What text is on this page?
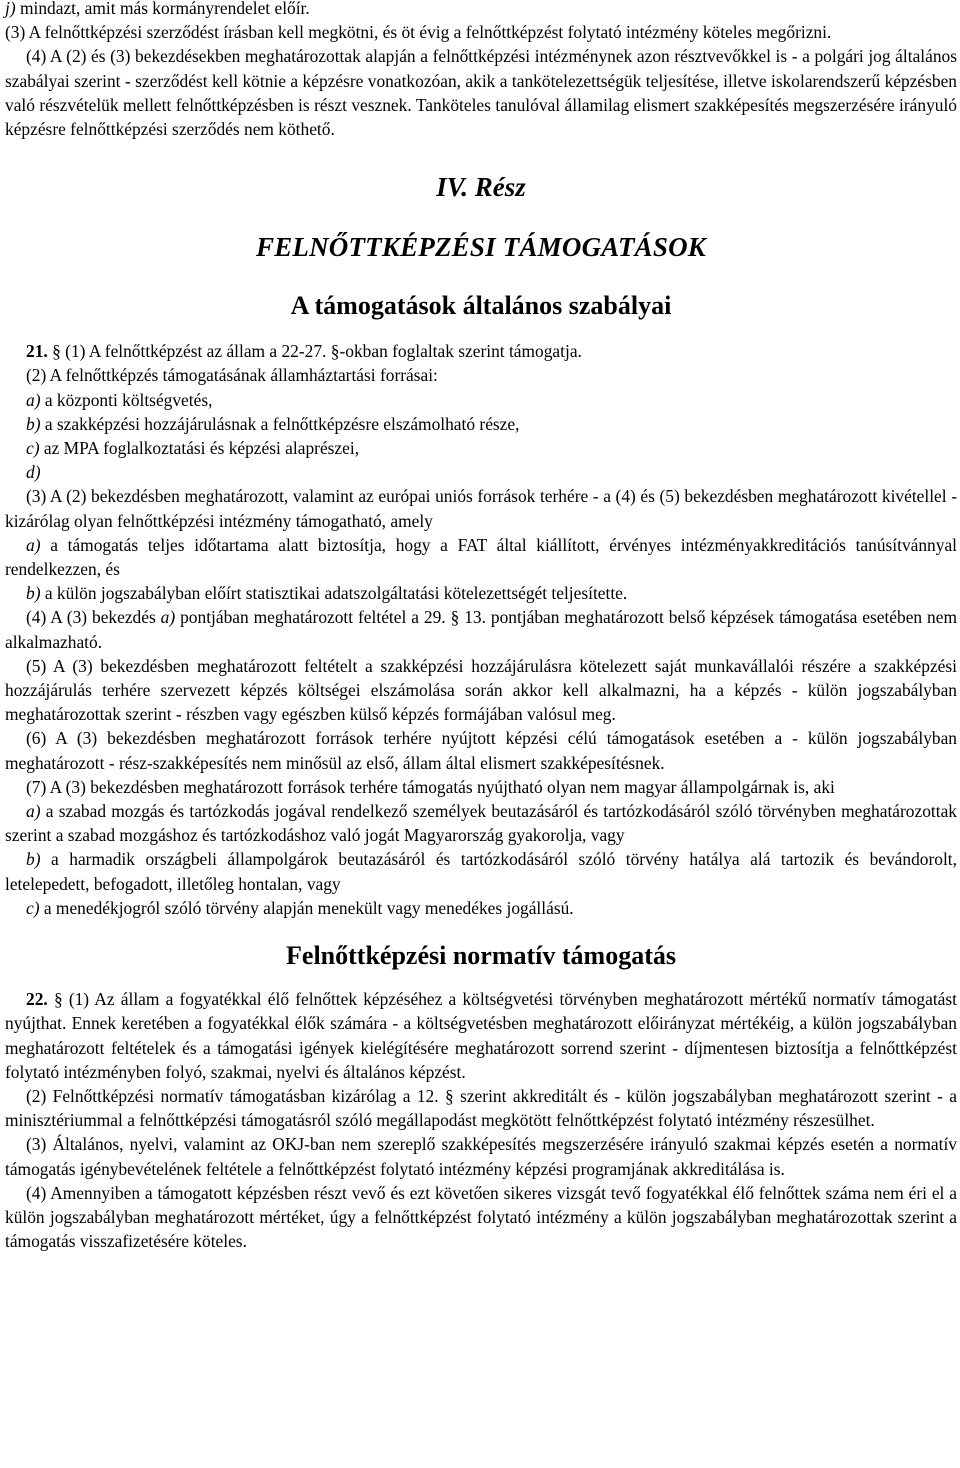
j) mindazt, amit más kormányrendelet előír.

(3) A felnőttképzési szerződést írásban kell megkötni, és öt évig a felnőttképzést folytató intézmény köteles megőrizni.

(4) A (2) és (3) bekezdésekben meghatározottak alapján a felnőttképzési intézménynek azon résztvevőkkel is - a polgári jog általános szabályai szerint - szerződést kell kötnie a képzésre vonatkozóan, akik a tankötelezettségük teljesítése, illetve iskolarendszerű képzésben való részvételük mellett felnőttképzésben is részt vesznek. Tanköteles tanulóval államilag elismert szakképesítés megszerzésére irányuló képzésre felnőttképzési szerződés nem köthető.

IV. Rész
FELNŐTTKÉPZÉSI TÁMOGATÁSOK
A támogatások általános szabályai

21. § (1) A felnőttképzést az állam a 22-27. §-okban foglaltak szerint támogatja.

(2) A felnőttképzés támogatásának államháztartási forrásai:

a) a központi költségvetés,

b) a szakképzési hozzájárulásnak a felnőttképzésre elszámolható része,

c) az MPA foglalkoztatási és képzési alaprészei,

d)

(3) A (2) bekezdésben meghatározott, valamint az európai uniós források terhére - a (4) és (5) bekezdésben meghatározott kivétellel - kizárólag olyan felnőttképzési intézmény támogatható, amely

a) a támogatás teljes időtartama alatt biztosítja, hogy a FAT által kiállított, érvényes intézményakkreditációs tanúsítvánnyal rendelkezzen, és

b) a külön jogszabályban előírt statisztikai adatszolgáltatási kötelezettségét teljesítette.

(4) A (3) bekezdés a) pontjában meghatározott feltétel a 29. § 13. pontjában meghatározott belső képzések támogatása esetében nem alkalmazható.

(5) A (3) bekezdésben meghatározott feltételt a szakképzési hozzájárulásra kötelezett saját munkavállalói részére a szakképzési hozzájárulás terhére szervezett képzés költségei elszámolása során akkor kell alkalmazni, ha a képzés - külön jogszabályban meghatározottak szerint - részben vagy egészben külső képzés formájában valósul meg.

(6) A (3) bekezdésben meghatározott források terhére nyújtott képzési célú támogatások esetében a - külön jogszabályban meghatározott - rész-szakképesítés nem minősül az első, állam által elismert szakképesítésnek.

(7) A (3) bekezdésben meghatározott források terhére támogatás nyújtható olyan nem magyar állampolgárnak is, aki

a) a szabad mozgás és tartózkodás jogával rendelkező személyek beutazásáról és tartózkodásáról szóló törvényben meghatározottak szerint a szabad mozgáshoz és tartózkodáshoz való jogát Magyarország gyakorolja, vagy

b) a harmadik országbeli állampolgárok beutazásáról és tartózkodásáról szóló törvény hatálya alá tartozik és bevándorolt, letelepedett, befogadott, illetőleg hontalan, vagy

c) a menedékjogról szóló törvény alapján menekült vagy menedékes jogállású.

Felnőttképzési normatív támogatás

22. § (1) Az állam a fogyatékkal élő felnőttek képzéséhez a költségvetési törvényben meghatározott mértékű normatív támogatást nyújthat. Ennek keretében a fogyatékkal élők számára - a költségvetésben meghatározott előirányzat mértékéig, a külön jogszabályban meghatározott feltételek és a támogatási igények kielégítésére meghatározott sorrend szerint - díjmentesen biztosítja a felnőttképzést folytató intézményben folyó, szakmai, nyelvi és általános képzést.

(2) Felnőttképzési normatív támogatásban kizárólag a 12. § szerint akkreditált és - külön jogszabályban meghatározott szerint - a minisztériummal a felnőttképzési támogatásról szóló megállapodást megkötött felnőttképzést folytató intézmény részesülhet.

(3) Általános, nyelvi, valamint az OKJ-ban nem szereplő szakképesítés megszerzésére irányuló szakmai képzés esetén a normatív támogatás igénybevételének feltétele a felnőttképzést folytató intézmény képzési programjának akkreditálása is.

(4) Amennyiben a támogatott képzésben részt vevő és ezt követően sikeres vizsgát tevő fogyatékkal élő felnőttek száma nem éri el a külön jogszabályban meghatározott mértéket, úgy a felnőttképzést folytató intézmény a külön jogszabályban meghatározottak szerint a támogatás visszafizetésére köteles.
